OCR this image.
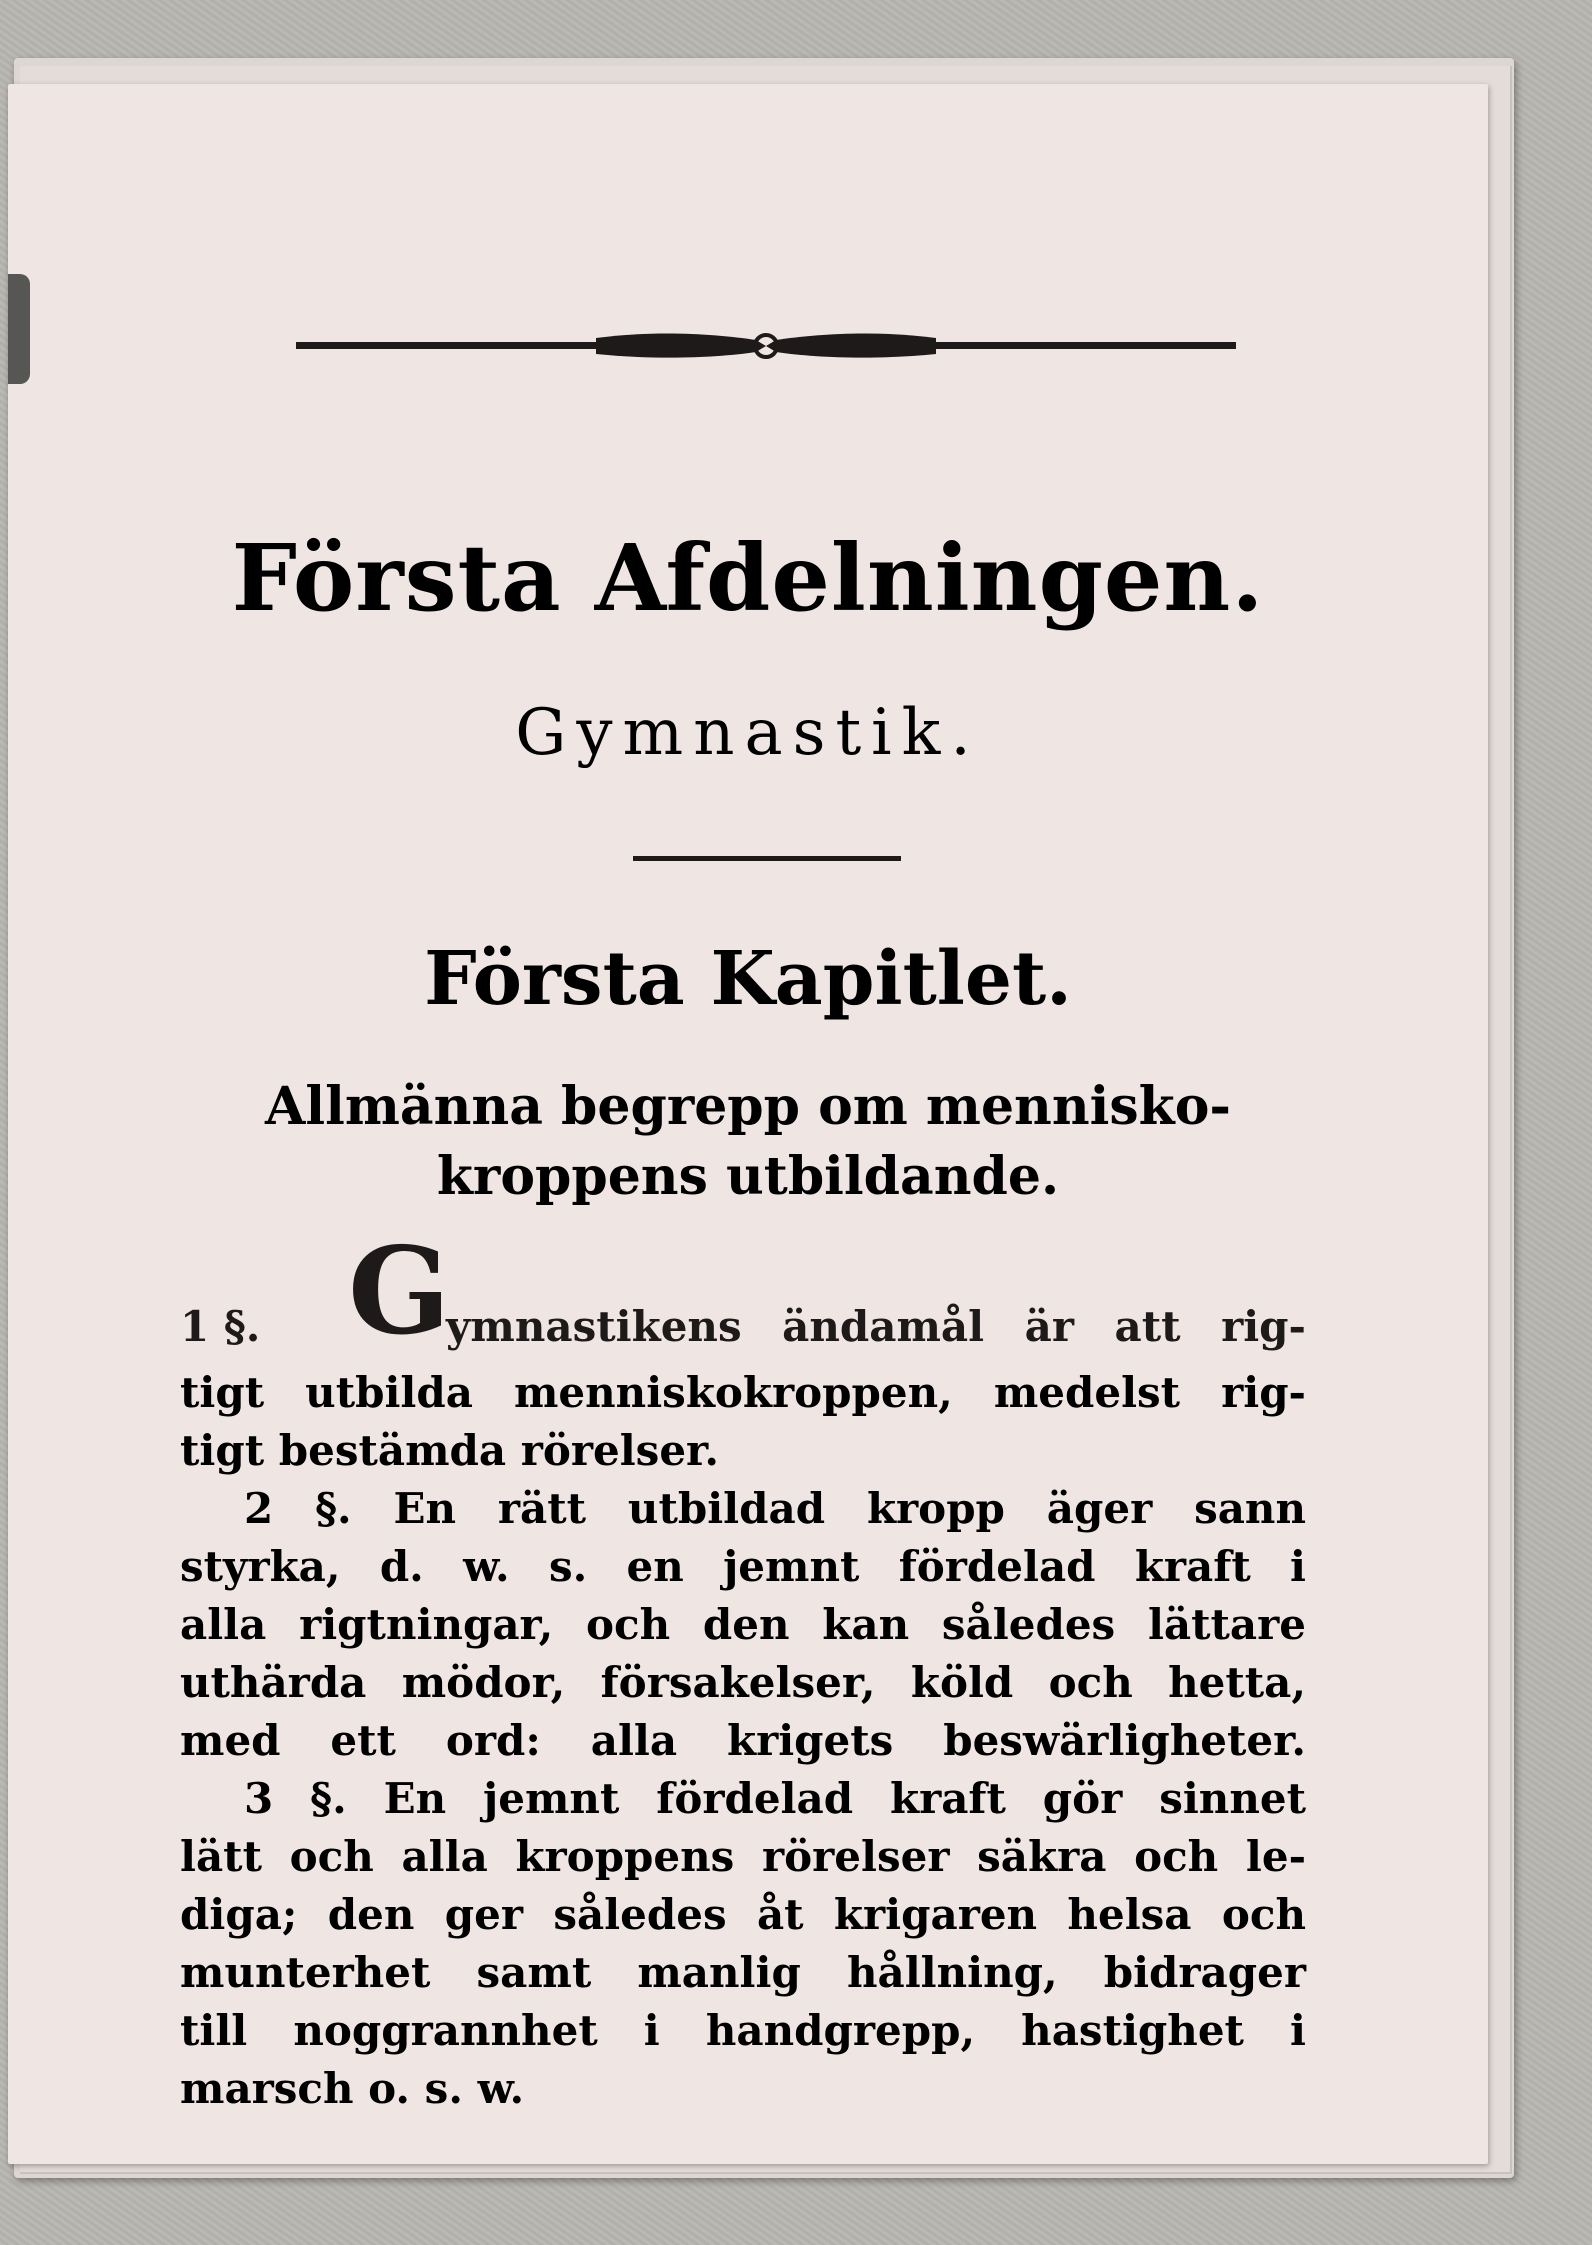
Första Afdelningen.
Gymnastik.
Första Kapitlet.
Allmänna begrepp om mennisko-
kroppens utbildande.
1 §. G
ymnastikens ändamål är att rig-
tigt utbilda menniskokroppen, medelst rig-
tigt bestämda rörelser.
2 §. En rätt utbildad kropp äger sann
styrka, d. w. s. en jemnt fördelad kraft i
alla rigtningar, och den kan således lättare
uthärda mödor, försakelser, köld och hetta,
med ett ord: alla krigets beswärligheter.
3 §. En jemnt fördelad kraft gör sinnet
lätt och alla kroppens rörelser säkra och le-
diga; den ger således åt krigaren helsa och
munterhet samt manlig hållning, bidrager
till noggrannhet i handgrepp, hastighet i
marsch o. s. w.
